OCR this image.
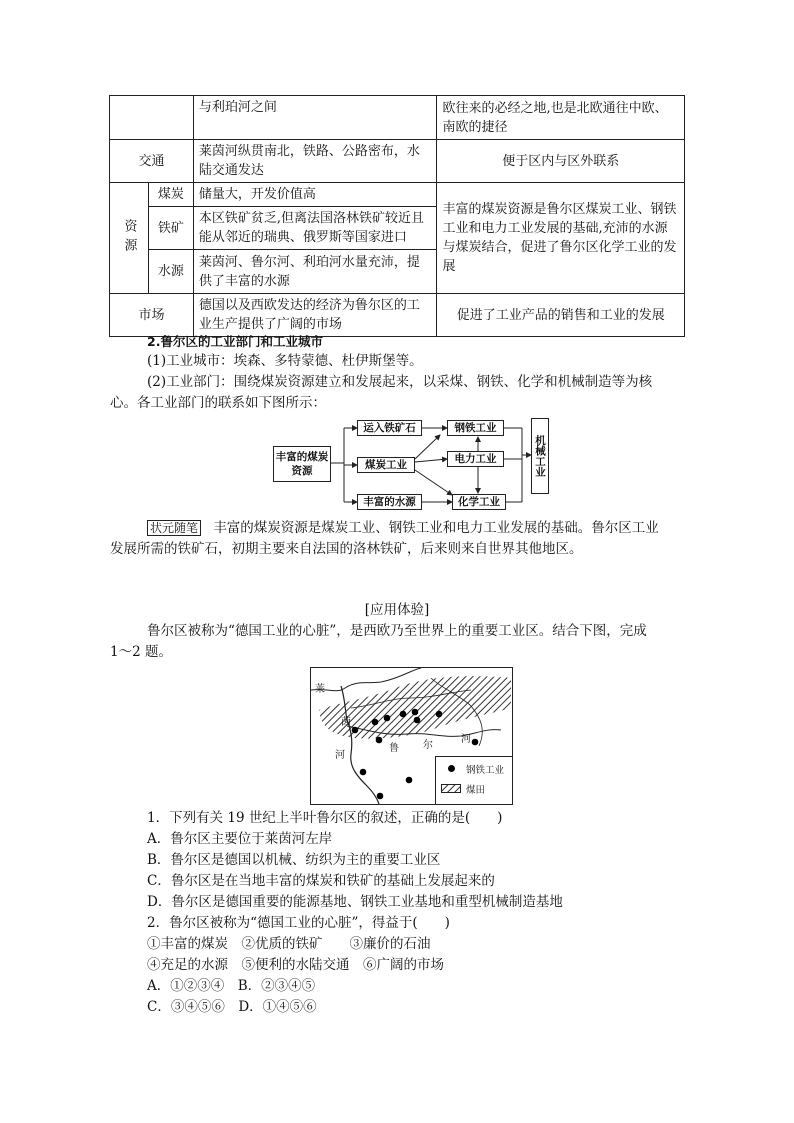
		与利珀河之间	欧往来的必经之地,也是北欧通往中欧、南欧的捷径
交通		莱茵河纵贯南北，铁路、公路密布，水陆交通发达	便于区内与区外联系

资源	煤炭	储量大，开发价值高	丰富的煤炭资源是鲁尔区煤炭工业、钢铁工业和电力工业发展的基础,充沛的水源与煤炭结合，促进了鲁尔区化学工业的发展
	铁矿	本区铁矿贫乏,但离法国洛林铁矿较近且能从邻近的瑞典、俄罗斯等国家进口	
	水源	莱茵河、鲁尔河、利珀河水量充沛，提供了丰富的水源	
市场		德国以及西欧发达的经济为鲁尔区的工业生产提供了广阔的市场	促进了工业产品的销售和工业的发展
2.鲁尔区的工业部门和工业城市
(1)工业城市：埃森、多特蒙德、杜伊斯堡等。
(2)工业部门：围绕煤炭资源建立和发展起来，以采煤、钢铁、化学和机械制造等为核
心。各工业部门的联系如下图所示：
丰富的煤炭资源
运入铁矿石
煤炭工业
丰富的水源
钢铁工业
电力工业
化学工业
机械工业
状元随笔 丰富的煤炭资源是煤炭工业、钢铁工业和电力工业发展的基础。鲁尔区工业
发展所需的铁矿石，初期主要来自法国的洛林铁矿，后来则来自世界其他地区。
[应用体验]
鲁尔区被称为“德国工业的心脏”，是西欧乃至世界上的重要工业区。结合下图，完成
1～2 题。
莱
茵
河
鲁 尔
河
钢铁工业
煤田
1．下列有关 19 世纪上半叶鲁尔区的叙述，正确的是(　　)
A．鲁尔区主要位于莱茵河左岸
B．鲁尔区是德国以机械、纺织为主的重要工业区
C．鲁尔区是在当地丰富的煤炭和铁矿的基础上发展起来的
D．鲁尔区是德国重要的能源基地、钢铁工业基地和重型机械制造基地
2．鲁尔区被称为“德国工业的心脏”，得益于(　　)
①丰富的煤炭　②优质的铁矿　　③廉价的石油
④充足的水源　⑤便利的水陆交通　⑥广阔的市场
A．①②③④　B．②③④⑤
C．③④⑤⑥　D．①④⑤⑥
